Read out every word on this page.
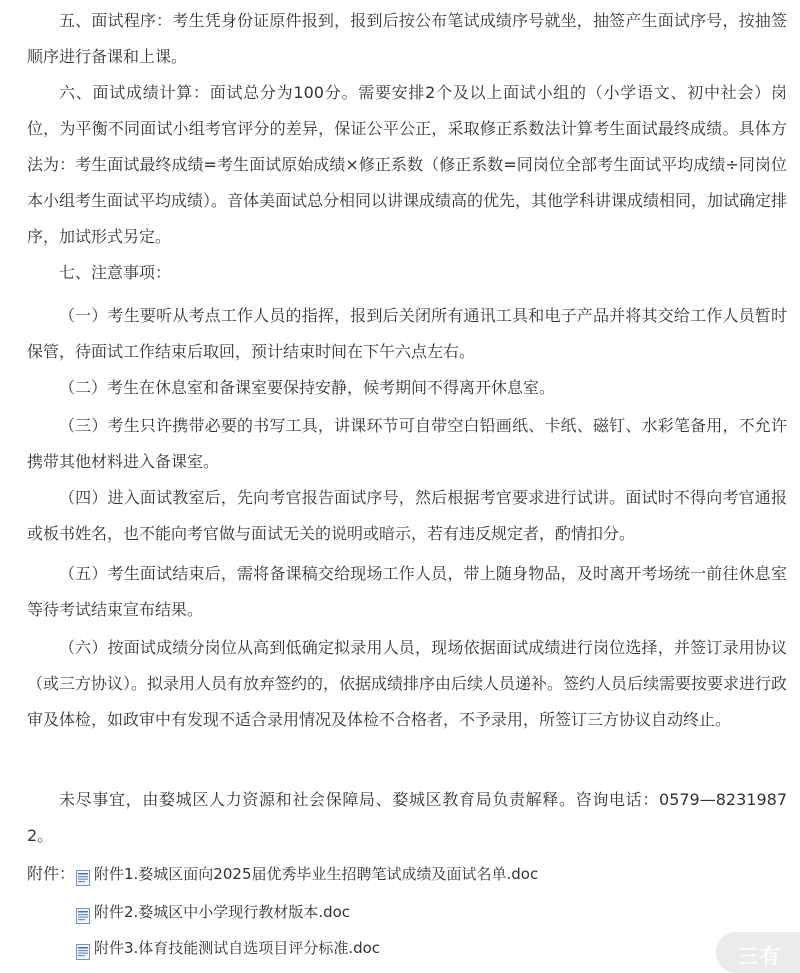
五、面试程序：考生凭身份证原件报到，报到后按公布笔试成绩序号就坐，抽签产生面试序号，按抽签顺序进行备课和上课。
六、面试成绩计算：面试总分为100分。需要安排2个及以上面试小组的（小学语文、初中社会）岗位，为平衡不同面试小组考官评分的差异，保证公平公正，采取修正系数法计算考生面试最终成绩。具体方法为：考生面试最终成绩=考生面试原始成绩×修正系数（修正系数=同岗位全部考生面试平均成绩÷同岗位本小组考生面试平均成绩）。音体美面试总分相同以讲课成绩高的优先，其他学科讲课成绩相同，加试确定排序，加试形式另定。
七、注意事项：
（一）考生要听从考点工作人员的指挥，报到后关闭所有通讯工具和电子产品并将其交给工作人员暂时保管，待面试工作结束后取回，预计结束时间在下午六点左右。
（二）考生在休息室和备课室要保持安静，候考期间不得离开休息室。
（三）考生只许携带必要的书写工具，讲课环节可自带空白铅画纸、卡纸、磁钉、水彩笔备用，不允许携带其他材料进入备课室。
（四）进入面试教室后，先向考官报告面试序号，然后根据考官要求进行试讲。面试时不得向考官通报或板书姓名，也不能向考官做与面试无关的说明或暗示，若有违反规定者，酌情扣分。
（五）考生面试结束后，需将备课稿交给现场工作人员，带上随身物品，及时离开考场统一前往休息室等待考试结束宣布结果。
（六）按面试成绩分岗位从高到低确定拟录用人员，现场依据面试成绩进行岗位选择，并签订录用协议（或三方协议）。拟录用人员有放弃签约的，依据成绩排序由后续人员递补。签约人员后续需要按要求进行政审及体检，如政审中有发现不适合录用情况及体检不合格者，不予录用，所签订三方协议自动终止。
未尽事宜，由婺城区人力资源和社会保障局、婺城区教育局负责解释。咨询电话：0579—82319872。
附件： 附件1.婺城区面向2025届优秀毕业生招聘笔试成绩及面试名单.doc
附件2.婺城区中小学现行教材版本.doc
附件3.体育技能测试自选项目评分标准.doc	三有
